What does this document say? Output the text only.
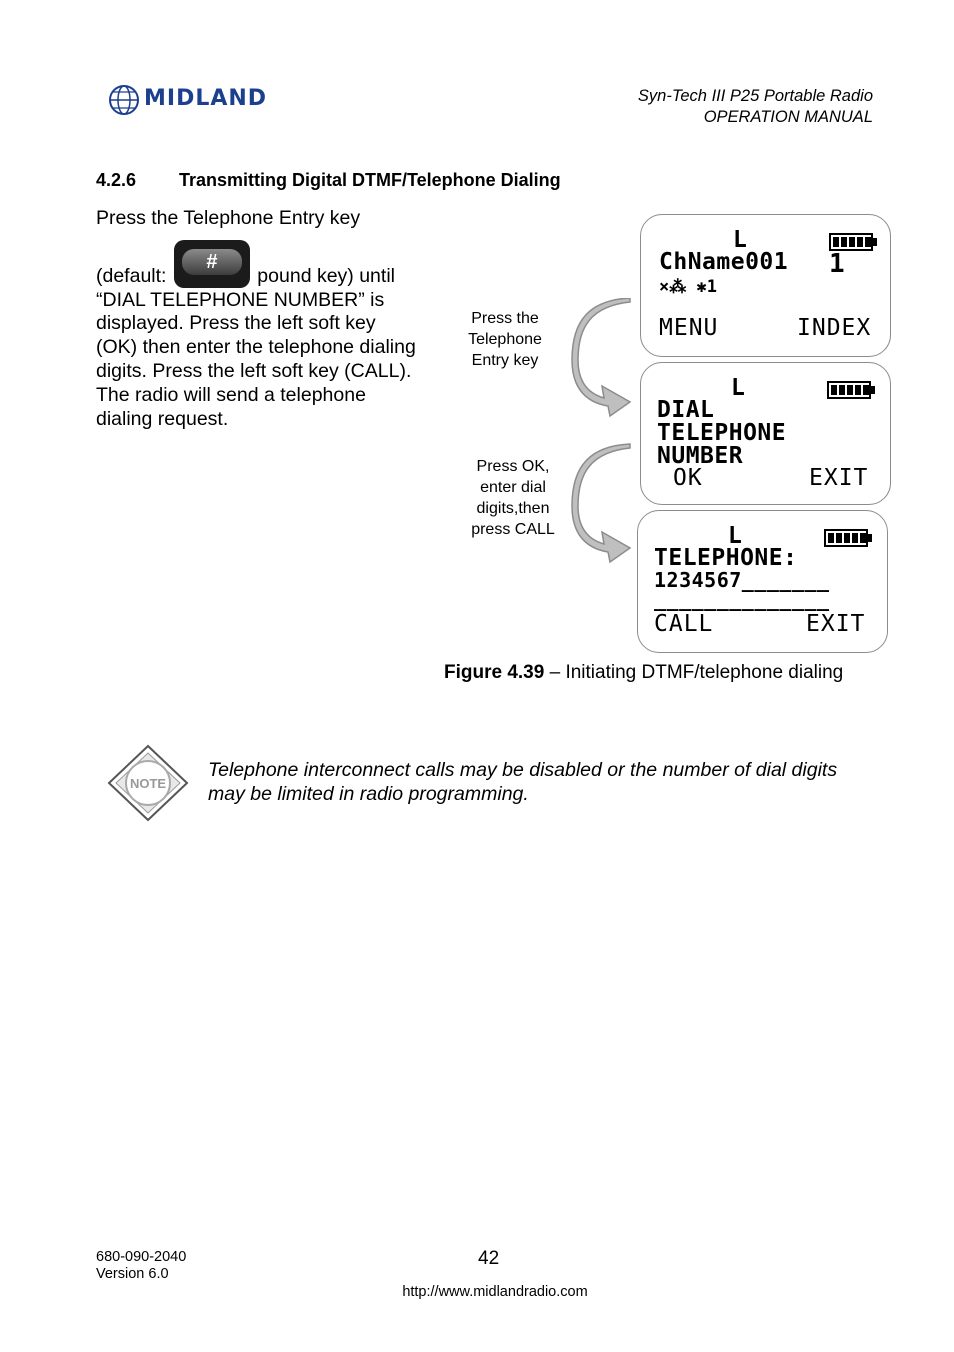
MIDLAND	Syn-Tech III P25 Portable Radio
OPERATION MANUAL
4.2.6 Transmitting Digital DTMF/Telephone Dialing
Press the Telephone Entry key
(default:
#
pound key) until
“DIAL TELEPHONE NUMBER” is displayed. Press the left soft key (OK) then enter the telephone dialing digits. Press the left soft key (CALL). The radio will send a telephone dialing request.
Press the
Telephone
Entry key
Press OK,
enter dial
digits,then
press CALL
L
ChName001 1
⨯⁂ ✱1
MENU	INDEX
L
DIAL
TELEPHONE
NUMBER
OK	EXIT
L
TELEPHONE:
1234567_______
______________
CALL	EXIT
Figure 4.39 – Initiating DTMF/telephone dialing
NOTE
Telephone interconnect calls may be disabled or the number of dial digits may be limited in radio programming.
680-090-2040
Version 6.0
42
http://www.midlandradio.com
